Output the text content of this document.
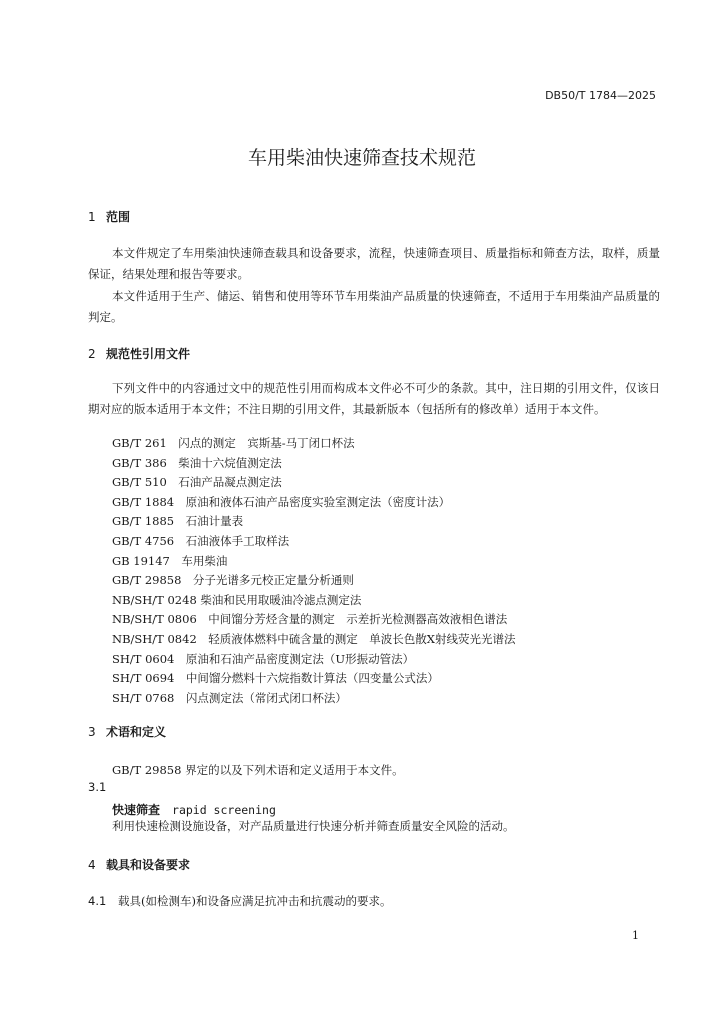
DB50/T 1784—2025
车用柴油快速筛查技术规范
1 范围
本文件规定了车用柴油快速筛查载具和设备要求，流程，快速筛查项目、质量指标和筛查方法，取样，质量保证，结果处理和报告等要求。
本文件适用于生产、储运、销售和使用等环节车用柴油产品质量的快速筛查，不适用于车用柴油产品质量的判定。
2 规范性引用文件
下列文件中的内容通过文中的规范性引用而构成本文件必不可少的条款。其中，注日期的引用文件，仅该日期对应的版本适用于本文件；不注日期的引用文件，其最新版本（包括所有的修改单）适用于本文件。
GB/T 261　闪点的测定　宾斯基-马丁闭口杯法
GB/T 386　柴油十六烷值测定法
GB/T 510　石油产品凝点测定法
GB/T 1884　原油和液体石油产品密度实验室测定法（密度计法）
GB/T 1885　石油计量表
GB/T 4756　石油液体手工取样法
GB 19147　车用柴油
GB/T 29858　分子光谱多元校正定量分析通则
NB/SH/T 0248 柴油和民用取暖油冷滤点测定法
NB/SH/T 0806　中间馏分芳烃含量的测定　示差折光检测器高效液相色谱法
NB/SH/T 0842　轻质液体燃料中硫含量的测定　单波长色散X射线荧光光谱法
SH/T 0604　原油和石油产品密度测定法（U形振动管法）
SH/T 0694　中间馏分燃料十六烷指数计算法（四变量公式法）
SH/T 0768　闪点测定法（常闭式闭口杯法）
3 术语和定义
GB/T 29858 界定的以及下列术语和定义适用于本文件。
3.1
快速筛查 rapid screening
利用快速检测设施设备，对产品质量进行快速分析并筛查质量安全风险的活动。
4 载具和设备要求
4.1 载具(如检测车)和设备应满足抗冲击和抗震动的要求。
1
